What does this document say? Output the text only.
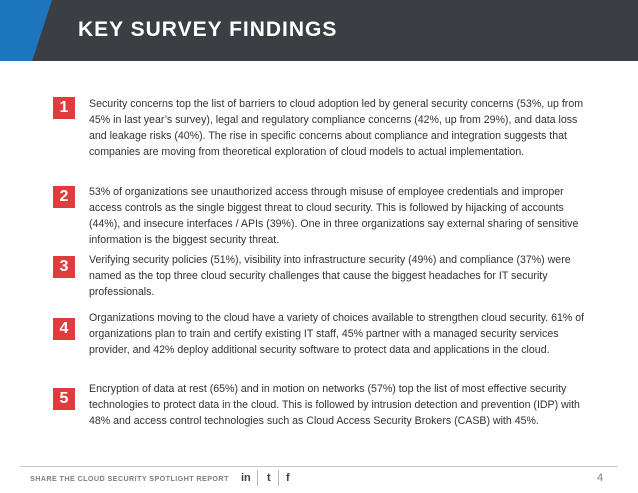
KEY SURVEY FINDINGS
1	Security concerns top the list of barriers to cloud adoption led by general security concerns (53%, up from 45% in last year’s survey), legal and regulatory compliance concerns (42%, up from 29%), and data loss and leakage risks (40%). The rise in specific concerns about compliance and integration suggests that companies are moving from theoretical exploration of cloud models to actual implementation.
2	53% of organizations see unauthorized access through misuse of employee credentials and improper access controls as the single biggest threat to cloud security. This is followed by hijacking of accounts (44%), and insecure interfaces / APIs (39%). One in three organizations say external sharing of sensitive information is the biggest security threat.
3	Verifying security policies (51%), visibility into infrastructure security (49%) and compliance (37%) were named as the top three cloud security challenges that cause the biggest headaches for IT security professionals.
4
Organizations moving to the cloud have a variety of choices available to strengthen cloud security. 61% of organizations plan to train and certify existing IT staff, 45% partner with a managed security services provider, and 42% deploy additional security software to protect data and applications in the cloud.
5
Encryption of data at rest (65%) and in motion on networks (57%) top the list of most effective security technologies to protect data in the cloud. This is followed by intrusion detection and prevention (IDP) with 48% and access control technologies such as Cloud Access Security Brokers (CASB) with 45%.
SHARE THE CLOUD SECURITY SPOTLIGHT REPORT in t f	4
